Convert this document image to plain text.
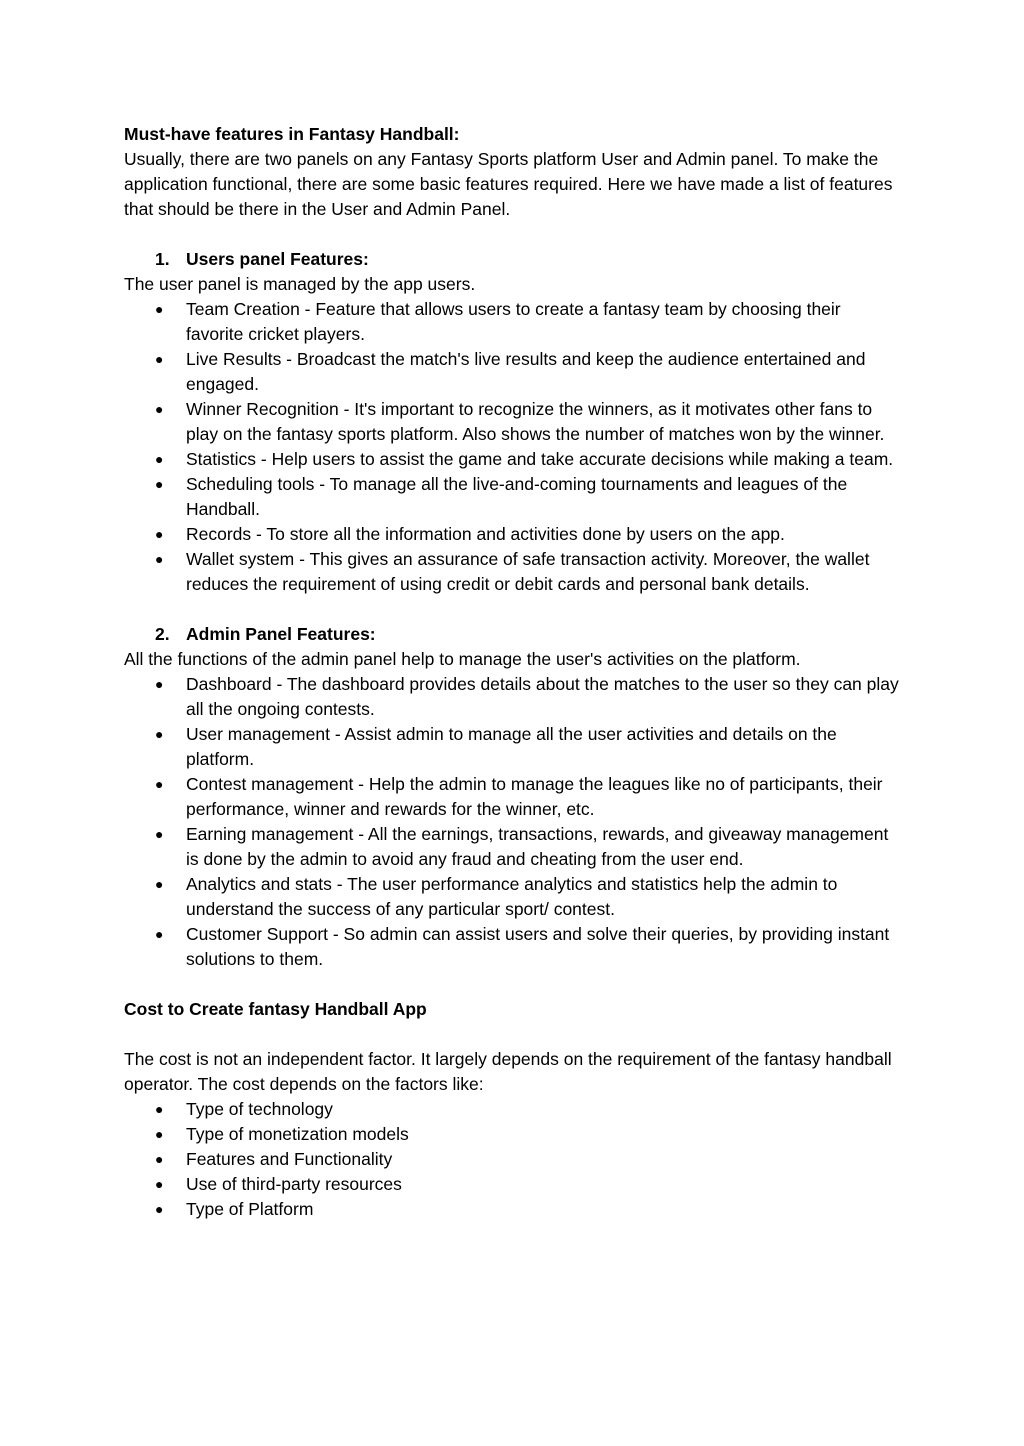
Must-have features in Fantasy Handball:

Usually, there are two panels on any Fantasy Sports platform User and Admin panel. To make the application functional, there are some basic features required. Here we have made a list of features that should be there in the User and Admin Panel.

1. Users panel Features:

The user panel is managed by the app users.

● Team Creation - Feature that allows users to create a fantasy team by choosing their favorite cricket players.
● Live Results - Broadcast the match's live results and keep the audience entertained and engaged.
● Winner Recognition - It's important to recognize the winners, as it motivates other fans to play on the fantasy sports platform. Also shows the number of matches won by the winner.
● Statistics - Help users to assist the game and take accurate decisions while making a team.
● Scheduling tools - To manage all the live-and-coming tournaments and leagues of the Handball.
● Records - To store all the information and activities done by users on the app.
● Wallet system - This gives an assurance of safe transaction activity. Moreover, the wallet reduces the requirement of using credit or debit cards and personal bank details.
2. Admin Panel Features:

All the functions of the admin panel help to manage the user's activities on the platform.

● Dashboard - The dashboard provides details about the matches to the user so they can play all the ongoing contests.
● User management - Assist admin to manage all the user activities and details on the platform.
● Contest management - Help the admin to manage the leagues like no of participants, their performance, winner and rewards for the winner, etc.
● Earning management - All the earnings, transactions, rewards, and giveaway management is done by the admin to avoid any fraud and cheating from the user end.
● Analytics and stats - The user performance analytics and statistics help the admin to understand the success of any particular sport/ contest.
● Customer Support - So admin can assist users and solve their queries, by providing instant solutions to them.

Cost to Create fantasy Handball App

The cost is not an independent factor. It largely depends on the requirement of the fantasy handball operator. The cost depends on the factors like:

● Type of technology
● Type of monetization models
● Features and Functionality
● Use of third-party resources
● Type of Platform
